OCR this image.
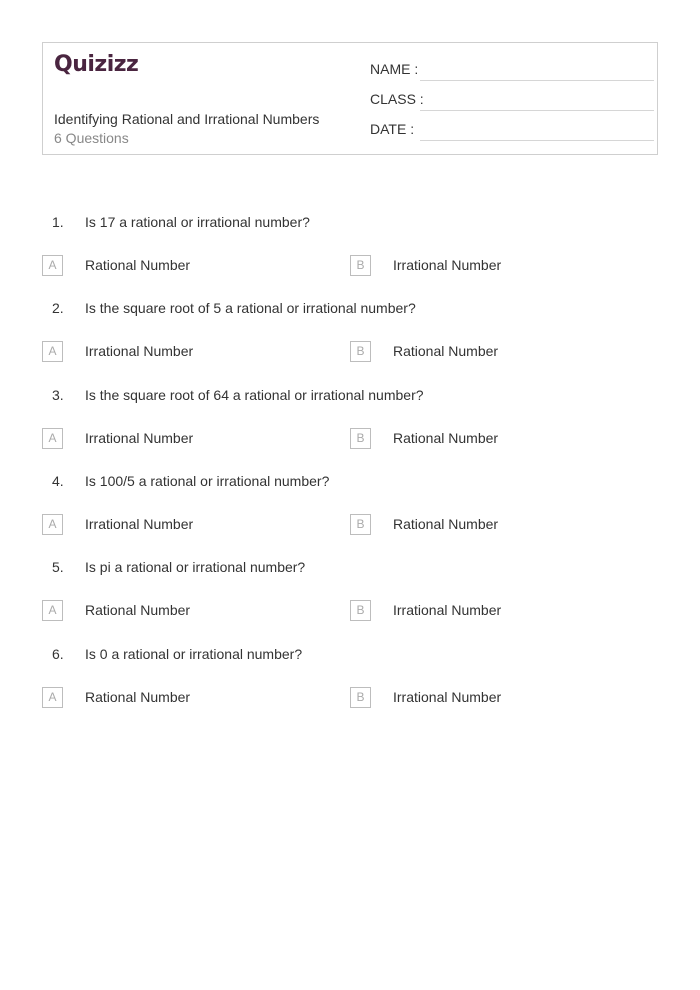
Quizizz
Identifying Rational and Irrational Numbers
6 Questions
NAME :
CLASS :
DATE :
1. Is 17 a rational or irrational number?
A	Rational Number	B	Irrational Number
2. Is the square root of 5 a rational or irrational number?
A	Irrational Number	B	Rational Number
3. Is the square root of 64 a rational or irrational number?
A	Irrational Number	B	Rational Number
4. Is 100/5 a rational or irrational number?
A	Irrational Number	B	Rational Number
5. Is pi a rational or irrational number?
A	Rational Number	B	Irrational Number
6. Is 0 a rational or irrational number?
A	Rational Number	B	Irrational Number
